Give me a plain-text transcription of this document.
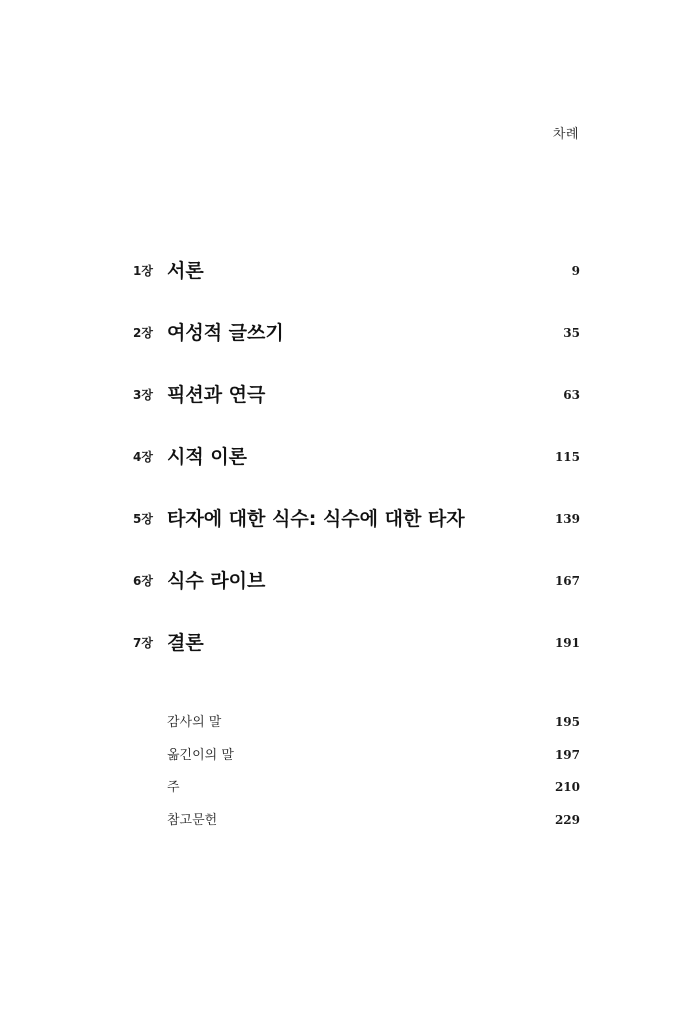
차례
1장 서론	9
2장 여성적 글쓰기	35
3장 픽션과 연극	63
4장 시적 이론	115
5장 타자에 대한 식수: 식수에 대한 타자	139
6장 식수 라이브	167
7장 결론	191
감사의 말	195
옮긴이의 말	197
주	210
참고문헌	229
